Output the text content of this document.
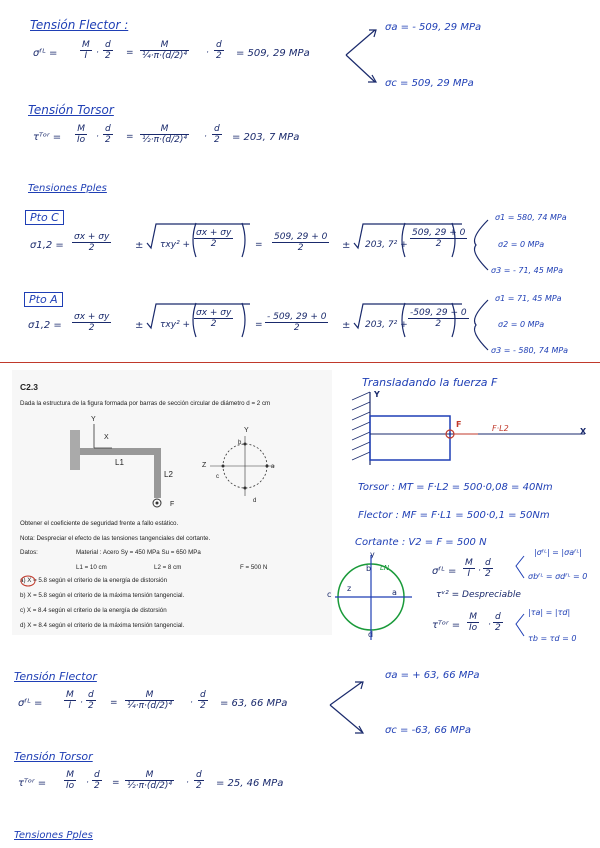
Tensión Flector :
σᶠᴸ =	$\frac{M}{I} \cdot \frac{d}{2} = \frac{M}{\text{¼·π·(d/2)⁴}} \cdot \frac{d}{2} = 509$, 29 MPa
σa = - 509, 29 MPa
σc = 509, 29 MPa
Tensión Torsor
τᵀᵒʳ = $\frac{M}{Io} \cdot \frac{d}{2} = \frac{M}{\text{½·π·(d/2)⁴}} \cdot \frac{d}{2} = 203$, 7 MPa
Tensiones Pples
Pto C
$\sigma 1,2 = \frac{\sigma x + \sigma y}{2} \pm \tau xy^2 + \frac{\sigma x + \sigma y}{2} = \frac{509, 29 + 0}{2} \pm 203$, $7^2 + \frac{509, 29 + 0}{2}$
σ1 = 580, 74 MPa
σ2 = 0 MPa
σ3 = - 71, 45 MPa
Pto A
$\sigma 1,2 = \frac{\sigma x + \sigma y}{2} \pm \tau xy^2 + \frac{\sigma x + \sigma y}{2} = \frac{- 509, 29 + 0}{2} \pm 203$, $7^2 + \frac{-509, 29 + 0}{2}$
σ1 = 71, 45 MPa
σ2 = 0 MPa
σ3 = - 580, 74 MPa
C2.3
Dada la estructura de la figura formada por barras de sección circular de diámetro d = 2 cm
Y
X
L1
L2
F
b
Y
Z
c
a
d
Obtener el coeficiente de seguridad frente a fallo estático.
Nota: Despreciar el efecto de las tensiones tangenciales del cortante.
Datos:	Material : Acero Sy = 450 MPa Su = 650 MPa
L1 = 10 cm	L2 = 8 cm	F = 500 N
a) X = 5.8 según el criterio de la energía de distorsión
b) X = 5.8 según el criterio de la máxima tensión tangencial.
c) X = 8.4 según el criterio de la energía de distorsión
d) X = 8.4 según el criterio de la máxima tensión tangencial.
Transladando la fuerza F
Y
X
F	F·L2
Torsor : MT = F·L2 = 500·0,08 = 40Nm
Flector : MF = F·L1 = 500·0,1 = 50Nm
Cortante : V2 = F = 500 N
y
LN
z
b
a
c
d
σᶠᴸ = $\frac{M}{I} \cdot \frac{d}{2}$
|σᶠᴸ| = |σaᶠᴸ|
σbᶠᴸ = σdᶠᴸ = 0
τᵛ² = Despreciable
τᵀᵒʳ = $\frac{M}{Io} \cdot \frac{d}{2}$	|τa| = |τd|
τb = τd = 0
Tensión Flector
σᶠᴸ = $\frac{M}{I} \cdot \frac{d}{2} = \frac{M}{\text{¼·π·(d/2)⁴}} \cdot \frac{d}{2} = 63$, 66 MPa
σa = + 63, 66 MPa
σc = -63, 66 MPa
Tensión Torsor
τᵀᵒʳ = $\frac{M}{Io} \cdot \frac{d}{2} = \frac{M}{\text{½·π·(d/2)⁴}} \cdot \frac{d}{2} = 25$, 46 MPa
Tensiones Pples
